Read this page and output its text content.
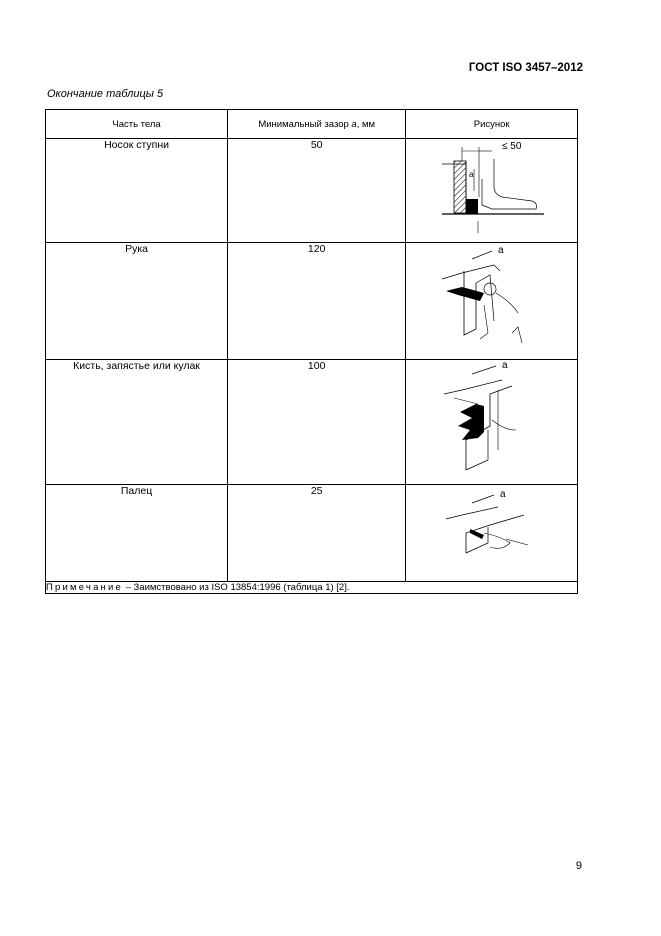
ГОСТ ISO 3457–2012
Окончание таблицы 5
Часть тела	Минимальный зазор a, мм	Рисунок
Носок ступни	50	≤ 50
a

Рука	120	a

Кисть, запястье или кулак	100	a

Палец	25	a

Примечание – Заимствовано из ISO 13854:1996 (таблица 1) [2].		
9
